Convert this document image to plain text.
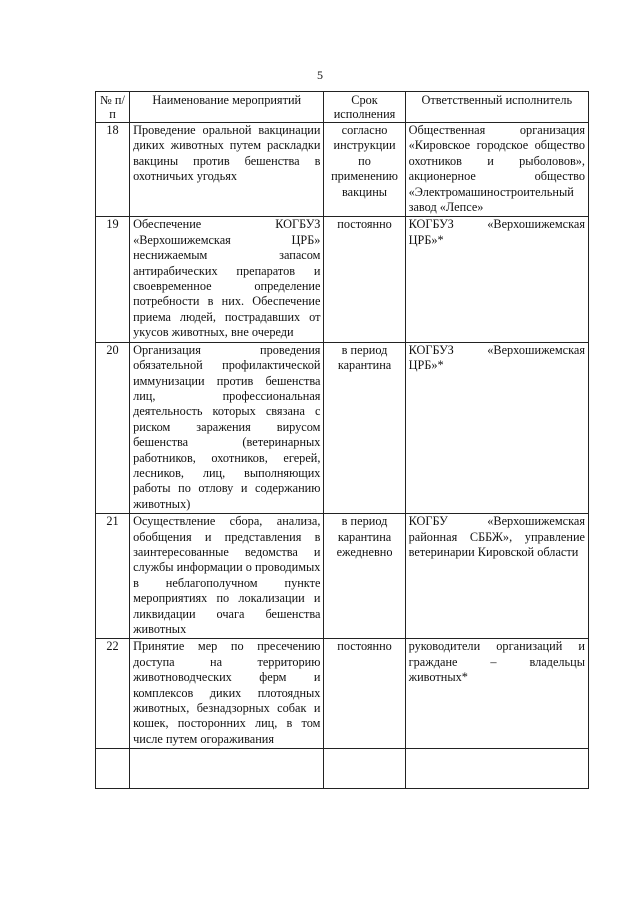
5
№ п/п	Наименование мероприятий	Срок исполнения	Ответственный исполнитель
18	Проведение оральной вакцинации диких животных путем раскладки вакцины против бешенства в охотничьих угодьях	согласно инструкции по применению вакцины	Общественная организация «Кировское городское общество охотников и рыболовов», акционерное общество «Электромашиностроительный завод «Лепсе»
19	Обеспечение КОГБУЗ «Верхошижемская ЦРБ» неснижаемым запасом антирабических препаратов и своевременное определение потребности в них. Обеспечение приема людей, пострадавших от укусов животных, вне очереди	постоянно	КОГБУЗ «Верхошижемская ЦРБ»*
20	Организация проведения обязательной профилактической иммунизации против бешенства лиц, профессиональная деятельность которых связана с риском заражения вирусом бешенства (ветеринарных работников, охотников, егерей, лесников, лиц, выполняющих работы по отлову и содержанию животных)	в период карантина	КОГБУЗ «Верхошижемская ЦРБ»*
21	Осуществление сбора, анализа, обобщения и представления в заинтересованные ведомства и службы информации о проводимых в неблагополучном пункте мероприятиях по локализации и ликвидации очага бешенства животных	в период карантина ежедневно	КОГБУ «Верхошижемская районная СББЖ», управление ветеринарии Кировской области
22	Принятие мер по пресечению доступа на территорию животноводческих ферм и комплексов диких плотоядных животных, безнадзорных собак и кошек, посторонних лиц, в том числе путем огораживания	постоянно	руководители организаций и граждане – владельцы животных*
